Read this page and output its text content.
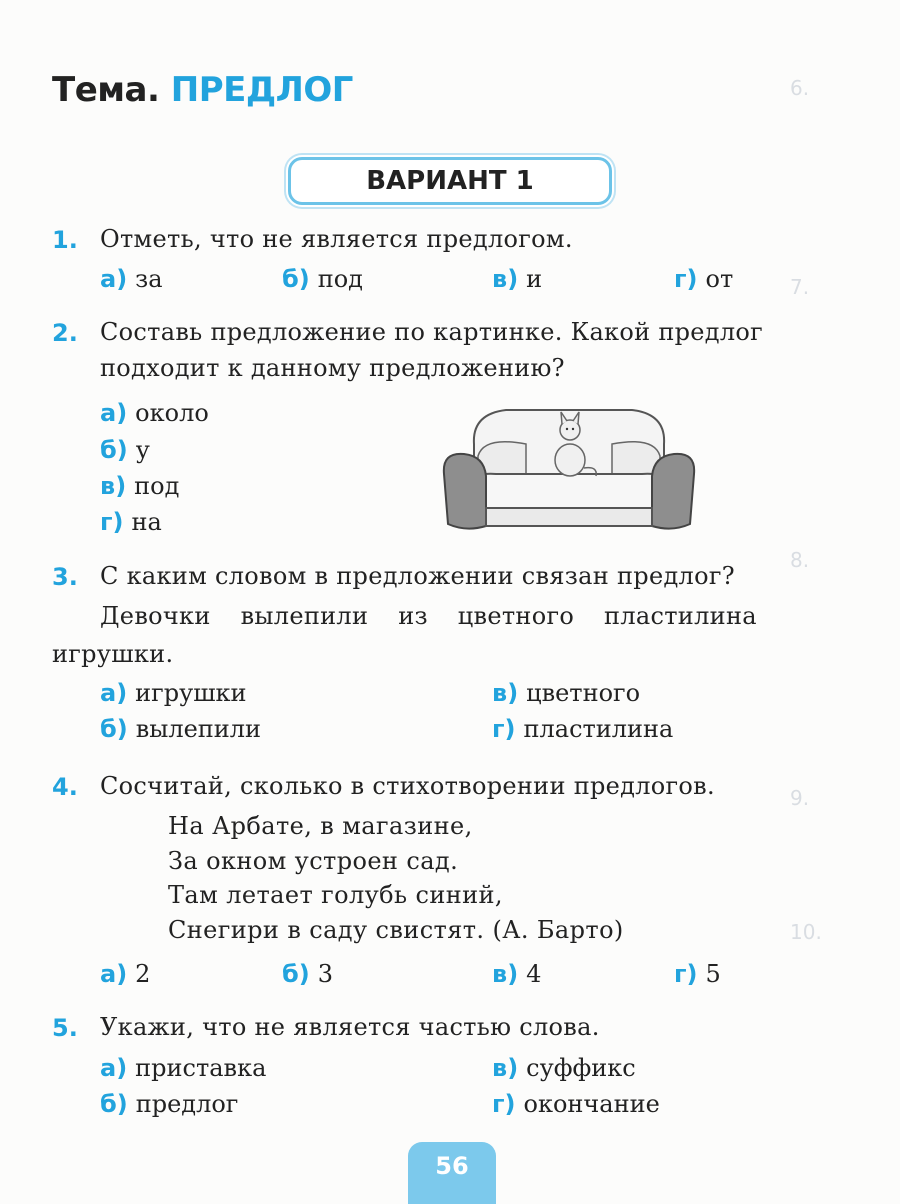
6.
7.
8.
9.
10.
Тема. ПРЕДЛОГ
ВАРИАНТ 1
1. Отметь, что не является предлогом.
а) за	б) под	в) и	г) от
2. Составь предложение по картинке. Какой предлог
подходит к данному предложению?
а) около
б) у
в) под
г) на
3. С каким словом в предложении связан предлог?
Девочки вылепили из цветного пластилина
игрушки.
а) игрушки
б) вылепили
в) цветного
г) пластилина
4. Сосчитай, сколько в стихотворении предлогов.
На Арбате, в магазине,
За окном устроен сад.
Там летает голубь синий,
Снегири в саду свистят. (А. Барто)
а) 2	б) 3	в) 4	г) 5
5. Укажи, что не является частью слова.
а) приставка
б) предлог
в) суффикс
г) окончание
56
